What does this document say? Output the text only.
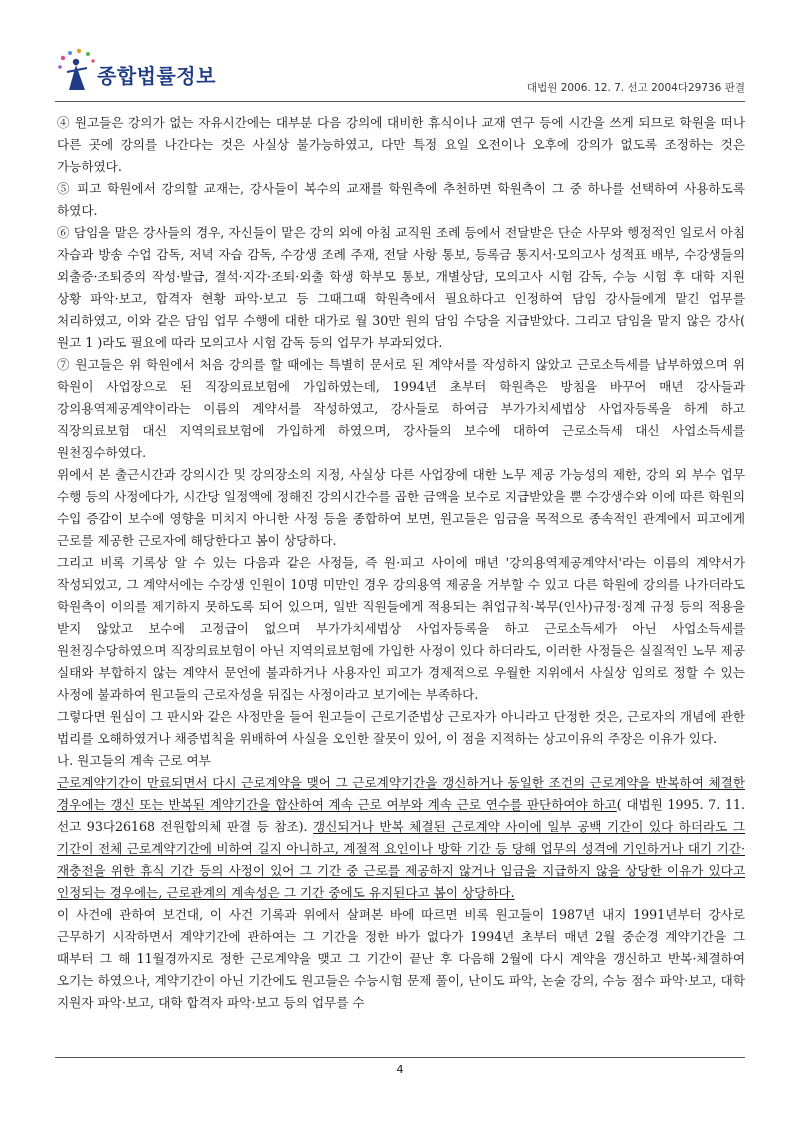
종합법률정보	대법원 2006. 12. 7. 선고 2004다29736 판결

④ 원고들은 강의가 없는 자유시간에는 대부분 다음 강의에 대비한 휴식이나 교재 연구 등에 시간을 쓰게 되므로 학원을 떠나 다른 곳에 강의를 나간다는 것은 사실상 불가능하였고, 다만 특정 요일 오전이나 오후에 강의가 없도록 조정하는 것은 가능하였다.

⑤ 피고 학원에서 강의할 교재는, 강사들이 복수의 교재를 학원측에 추천하면 학원측이 그 중 하나를 선택하여 사용하도록 하였다.

⑥ 담임을 맡은 강사들의 경우, 자신들이 맡은 강의 외에 아침 교직원 조례 등에서 전달받은 단순 사무와 행정적인 일로서 아침 자습과 방송 수업 감독, 저녁 자습 감독, 수강생 조례 주재, 전달 사항 통보, 등록금 통지서·모의고사 성적표 배부, 수강생들의 외출증·조퇴증의 작성·발급, 결석·지각·조퇴·외출 학생 학부모 통보, 개별상담, 모의고사 시험 감독, 수능 시험 후 대학 지원 상황 파악·보고, 합격자 현황 파악·보고 등 그때그때 학원측에서 필요하다고 인정하여 담임 강사들에게 맡긴 업무를 처리하였고, 이와 같은 담임 업무 수행에 대한 대가로 월 30만 원의 담임 수당을 지급받았다. 그리고 담임을 맡지 않은 강사( 원고 1 )라도 필요에 따라 모의고사 시험 감독 등의 업무가 부과되었다.

⑦ 원고들은 위 학원에서 처음 강의를 할 때에는 특별히 문서로 된 계약서를 작성하지 않았고 근로소득세를 납부하였으며 위 학원이 사업장으로 된 직장의료보험에 가입하였는데, 1994년 초부터 학원측은 방침을 바꾸어 매년 강사들과 강의용역제공계약이라는 이름의 계약서를 작성하였고, 강사들로 하여금 부가가치세법상 사업자등록을 하게 하고 직장의료보험 대신 지역의료보험에 가입하게 하였으며, 강사들의 보수에 대하여 근로소득세 대신 사업소득세를 원천징수하였다.

위에서 본 출근시간과 강의시간 및 강의장소의 지정, 사실상 다른 사업장에 대한 노무 제공 가능성의 제한, 강의 외 부수 업무 수행 등의 사정에다가, 시간당 일정액에 정해진 강의시간수를 곱한 금액을 보수로 지급받았을 뿐 수강생수와 이에 따른 학원의 수입 증감이 보수에 영향을 미치지 아니한 사정 등을 종합하여 보면, 원고들은 임금을 목적으로 종속적인 관계에서 피고에게 근로를 제공한 근로자에 해당한다고 봄이 상당하다.

그리고 비록 기록상 알 수 있는 다음과 같은 사정들, 즉 원·피고 사이에 매년 '강의용역제공계약서'라는 이름의 계약서가 작성되었고, 그 계약서에는 수강생 인원이 10명 미만인 경우 강의용역 제공을 거부할 수 있고 다른 학원에 강의를 나가더라도 학원측이 이의를 제기하지 못하도록 되어 있으며, 일반 직원들에게 적용되는 취업규칙·복무(인사)규정·징계 규정 등의 적용을 받지 않았고 보수에 고정급이 없으며 부가가치세법상 사업자등록을 하고 근로소득세가 아닌 사업소득세를 원천징수당하였으며 직장의료보험이 아닌 지역의료보험에 가입한 사정이 있다 하더라도, 이러한 사정들은 실질적인 노무 제공 실태와 부합하지 않는 계약서 문언에 불과하거나 사용자인 피고가 경제적으로 우월한 지위에서 사실상 임의로 정할 수 있는 사정에 불과하여 원고들의 근로자성을 뒤집는 사정이라고 보기에는 부족하다.

그렇다면 원심이 그 판시와 같은 사정만을 들어 원고들이 근로기준법상 근로자가 아니라고 단정한 것은, 근로자의 개념에 관한 법리를 오해하였거나 채증법칙을 위배하여 사실을 오인한 잘못이 있어, 이 점을 지적하는 상고이유의 주장은 이유가 있다.

나. 원고들의 계속 근로 여부

근로계약기간이 만료되면서 다시 근로계약을 맺어 그 근로계약기간을 갱신하거나 동일한 조건의 근로계약을 반복하여 체결한 경우에는 갱신 또는 반복된 계약기간을 합산하여 계속 근로 여부와 계속 근로 연수를 판단하여야 하고( 대법원 1995. 7. 11. 선고 93다26168 전원합의체 판결 등 참조). 갱신되거나 반복 체결된 근로계약 사이에 일부 공백 기간이 있다 하더라도 그 기간이 전체 근로계약기간에 비하여 길지 아니하고, 계절적 요인이나 방학 기간 등 당해 업무의 성격에 기인하거나 대기 기간·재충전을 위한 휴식 기간 등의 사정이 있어 그 기간 중 근로를 제공하지 않거나 임금을 지급하지 않을 상당한 이유가 있다고 인정되는 경우에는, 근로관계의 계속성은 그 기간 중에도 유지된다고 봄이 상당하다.

이 사건에 관하여 보건대, 이 사건 기록과 위에서 살펴본 바에 따르면 비록 원고들이 1987년 내지 1991년부터 강사로 근무하기 시작하면서 계약기간에 관하여는 그 기간을 정한 바가 없다가 1994년 초부터 매년 2월 중순경 계약기간을 그 때부터 그 해 11월경까지로 정한 근로계약을 맺고 그 기간이 끝난 후 다음해 2월에 다시 계약을 갱신하고 반복·체결하여 오기는 하였으나, 계약기간이 아닌 기간에도 원고들은 수능시험 문제 풀이, 난이도 파악, 논술 강의, 수능 점수 파악·보고, 대학 지원자 파악·보고, 대학 합격자 파악·보고 등의 업무를 수

4
